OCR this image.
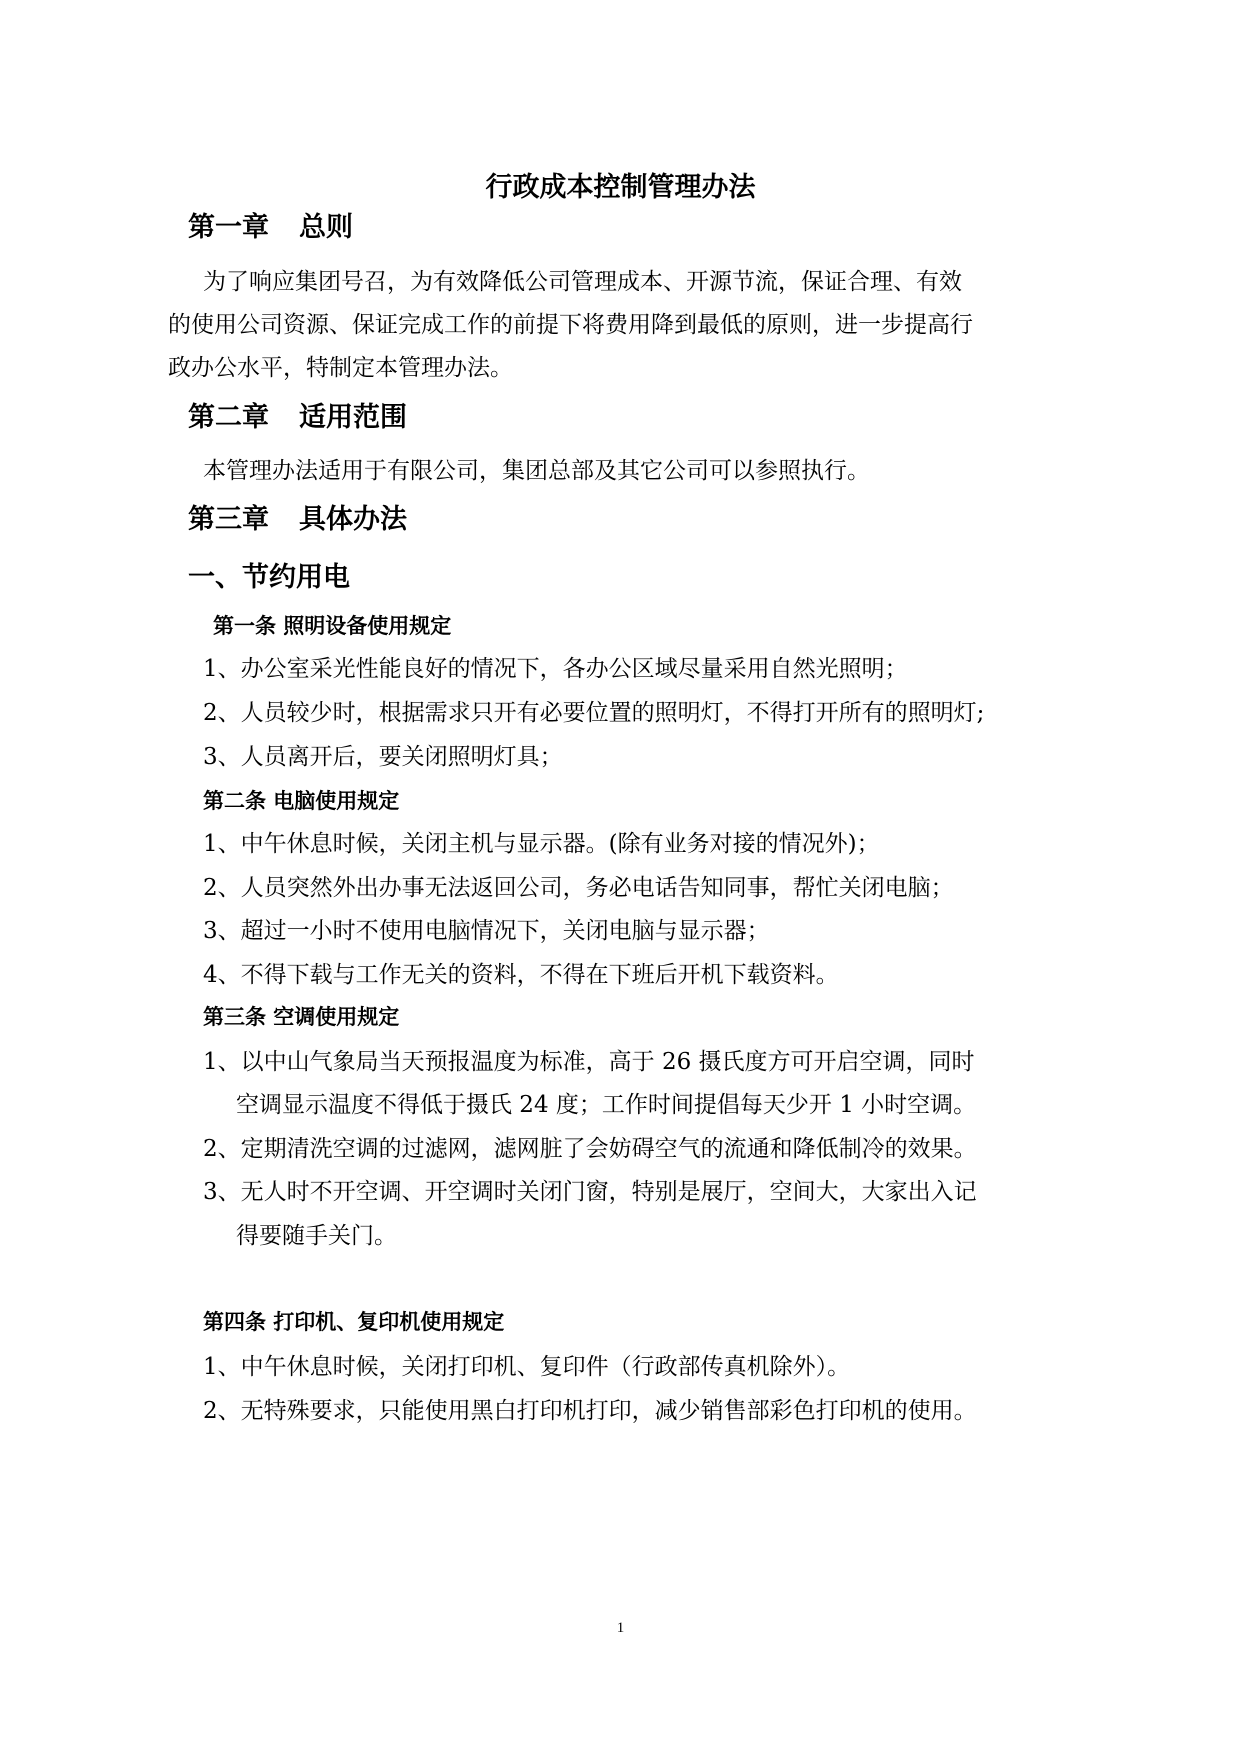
行政成本控制管理办法
第一章 总则

为了响应集团号召，为有效降低公司管理成本、开源节流，保证合理、有效

的使用公司资源、保证完成工作的前提下将费用降到最低的原则，进一步提高行

政办公水平，特制定本管理办法。

第二章 适用范围

本管理办法适用于有限公司，集团总部及其它公司可以参照执行。

第三章 具体办法
一、节约用电
第一条 照明设备使用规定

1、办公室采光性能良好的情况下，各办公区域尽量采用自然光照明；

2、人员较少时，根据需求只开有必要位置的照明灯，不得打开所有的照明灯;

3、人员离开后，要关闭照明灯具；

第二条 电脑使用规定

1、中午休息时候，关闭主机与显示器。(除有业务对接的情况外)；

2、人员突然外出办事无法返回公司，务必电话告知同事，帮忙关闭电脑；

3、超过一小时不使用电脑情况下，关闭电脑与显示器；

4、不得下载与工作无关的资料，不得在下班后开机下载资料。

第三条 空调使用规定

1、以中山气象局当天预报温度为标准，高于 26 摄氏度方可开启空调，同时

空调显示温度不得低于摄氏 24 度；工作时间提倡每天少开 1 小时空调。

2、定期清洗空调的过滤网，滤网脏了会妨碍空气的流通和降低制冷的效果。

3、无人时不开空调、开空调时关闭门窗，特别是展厅，空间大，大家出入记

得要随手关门。

第四条 打印机、复印机使用规定

1、中午休息时候，关闭打印机、复印件（行政部传真机除外）。

2、无特殊要求，只能使用黑白打印机打印，减少销售部彩色打印机的使用。

1
